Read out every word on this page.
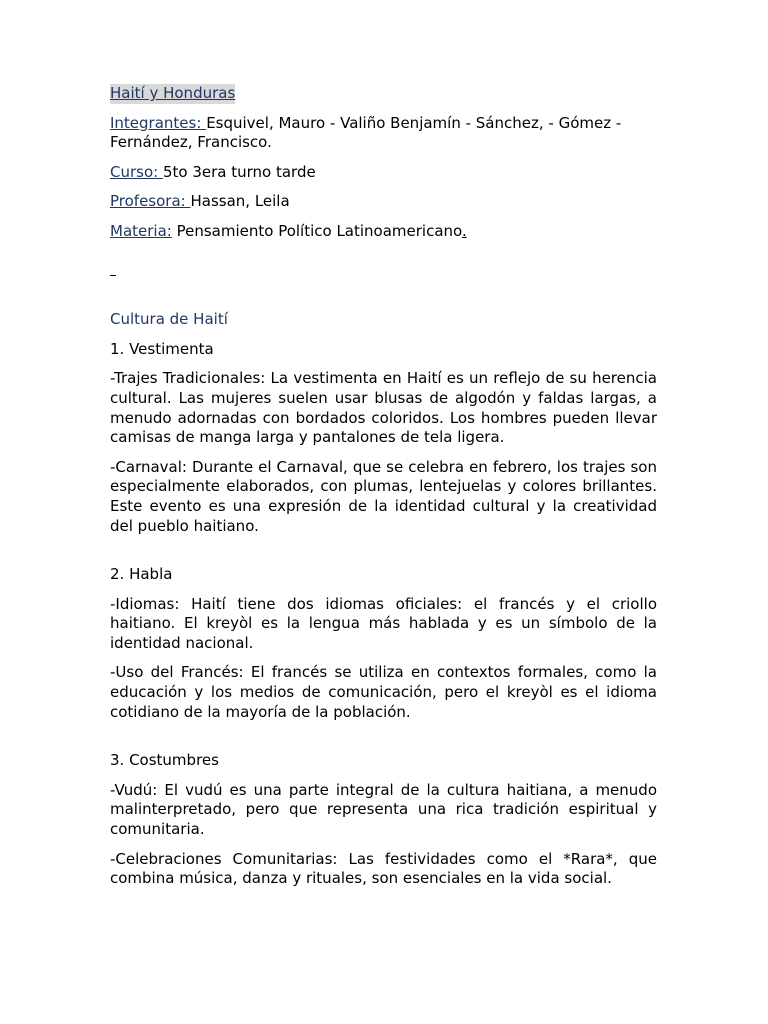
Haití y Honduras

Integrantes: Esquivel, Mauro - Valiño Benjamín - Sánchez, - Gómez - Fernández, Francisco.

Curso: 5to 3era turno tarde

Profesora: Hassan, Leila

Materia: Pensamiento Político Latinoamericano.

Cultura de Haití

1. Vestimenta

-Trajes Tradicionales: La vestimenta en Haití es un reflejo de su herencia cultural. Las mujeres suelen usar blusas de algodón y faldas largas, a menudo adornadas con bordados coloridos. Los hombres pueden llevar camisas de manga larga y pantalones de tela ligera.

-Carnaval: Durante el Carnaval, que se celebra en febrero, los trajes son especialmente elaborados, con plumas, lentejuelas y colores brillantes. Este evento es una expresión de la identidad cultural y la creatividad del pueblo haitiano.

2. Habla

-Idiomas: Haití tiene dos idiomas oficiales: el francés y el criollo haitiano. El kreyòl es la lengua más hablada y es un símbolo de la identidad nacional.

-Uso del Francés: El francés se utiliza en contextos formales, como la educación y los medios de comunicación, pero el kreyòl es el idioma cotidiano de la mayoría de la población.

3. Costumbres

-Vudú: El vudú es una parte integral de la cultura haitiana, a menudo malinterpretado, pero que representa una rica tradición espiritual y comunitaria.

-Celebraciones Comunitarias: Las festividades como el *Rara*, que combina música, danza y rituales, son esenciales en la vida social.
